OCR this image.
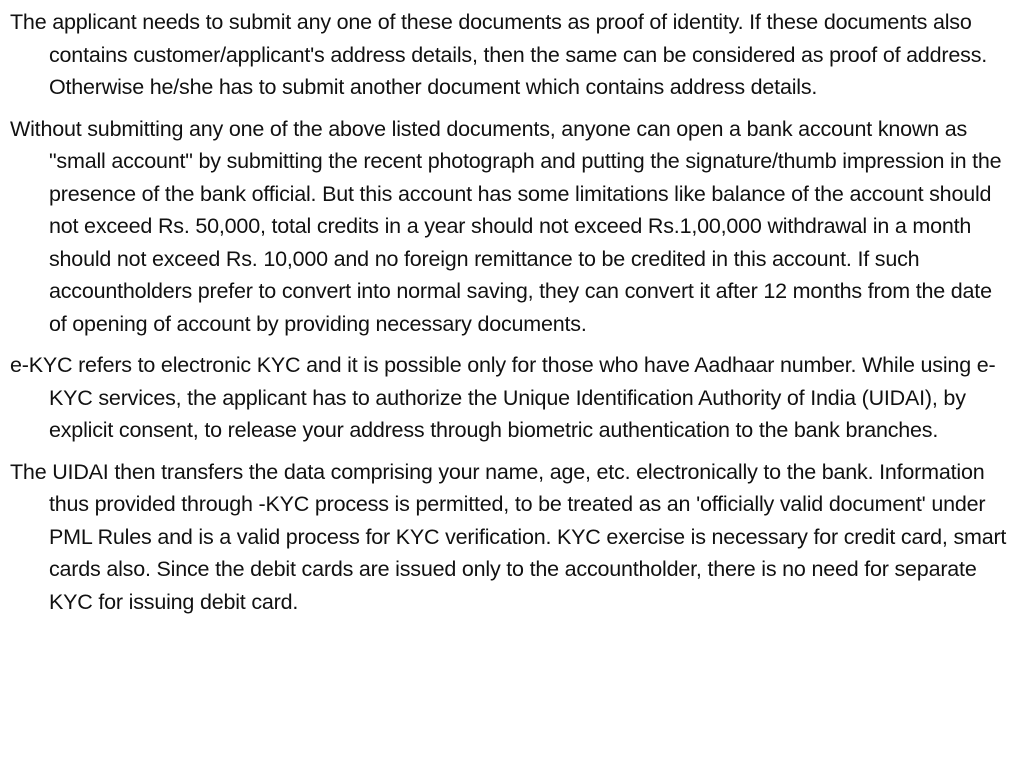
The applicant needs to submit any one of these documents as proof of identity. If these documents also contains customer/applicant's address details, then the same can be considered as proof of address. Otherwise he/she has to submit another document which contains address details.

Without submitting any one of the above listed documents, anyone can open a bank account known as "small account" by submitting the recent photograph and putting the signature/thumb impression in the presence of the bank official. But this account has some limitations like balance of the account should not exceed Rs. 50,000, total credits in a year should not exceed Rs.1,00,000 withdrawal in a month should not exceed Rs. 10,000 and no foreign remittance to be credited in this account. If such accountholders prefer to convert into normal saving, they can convert it after 12 months from the date of opening of account by providing necessary documents.

e-KYC refers to electronic KYC and it is possible only for those who have Aadhaar number. While using e-KYC services, the applicant has to authorize the Unique Identification Authority of India (UIDAI), by explicit consent, to release your address through biometric authentication to the bank branches.

The UIDAI then transfers the data comprising your name, age, etc. electronically to the bank. Information thus provided through -KYC process is permitted, to be treated as an 'officially valid document' under PML Rules and is a valid process for KYC verification. KYC exercise is necessary for credit card, smart cards also. Since the debit cards are issued only to the accountholder, there is no need for separate KYC for issuing debit card.
